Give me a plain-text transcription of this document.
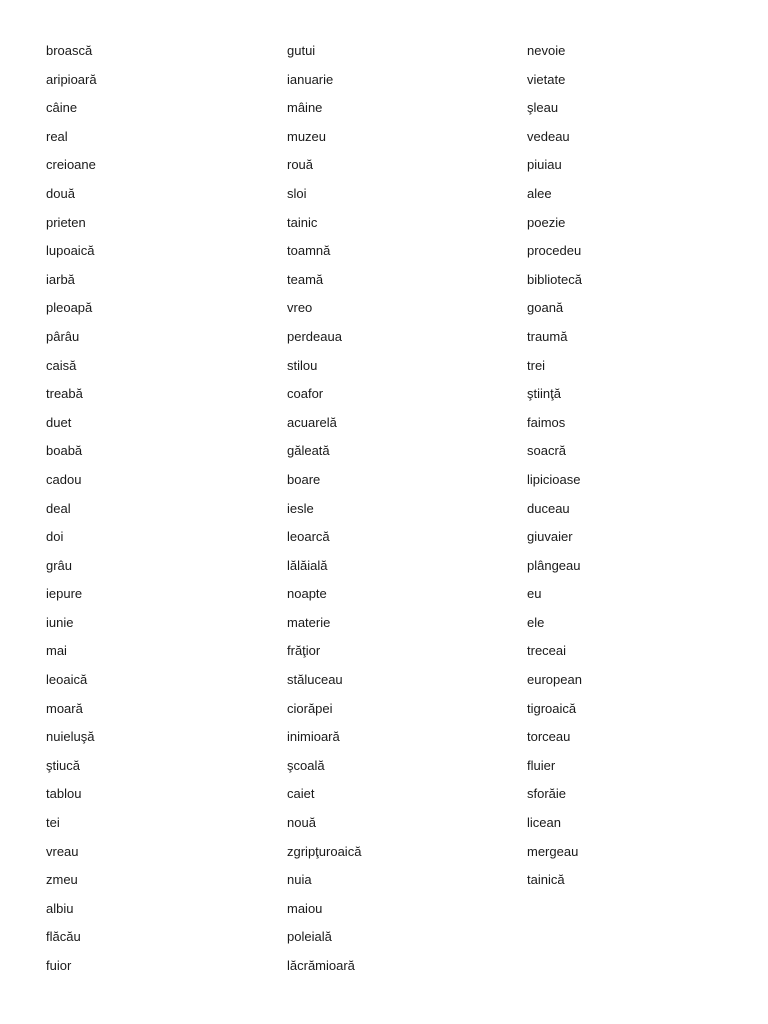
broască
aripioară
câine
real
creioane
două
prieten
lupoaică
iarbă
pleoapă
pârâu
caisă
treabă
duet
boabă
cadou
deal
doi
grâu
iepure
iunie
mai
leoaică
moară
nuieluşă
ştiucă
tablou
tei
vreau
zmeu
albiu
flăcău
fuior
gutui
ianuarie
mâine
muzeu
rouă
sloi
tainic
toamnă
teamă
vreo
perdeaua
stilou
coafor
acuarelă
găleată
boare
iesle
leoarcă
lălăială
noapte
materie
frăţior
stăluceau
ciorăpei
inimioară
şcoală
caiet
nouă
zgripţuroaică
nuia
maiou
poleială
lăcrămioară
nevoie
vietate
şleau
vedeau
piuiau
alee
poezie
procedeu
bibliotecă
goană
traumă
trei
ştiinţă
faimos
soacră
lipicioase
duceau
giuvaier
plângeau
eu
ele
treceai
european
tigroaică
torceau
fluier
sforăie
licean
mergeau
tainică
